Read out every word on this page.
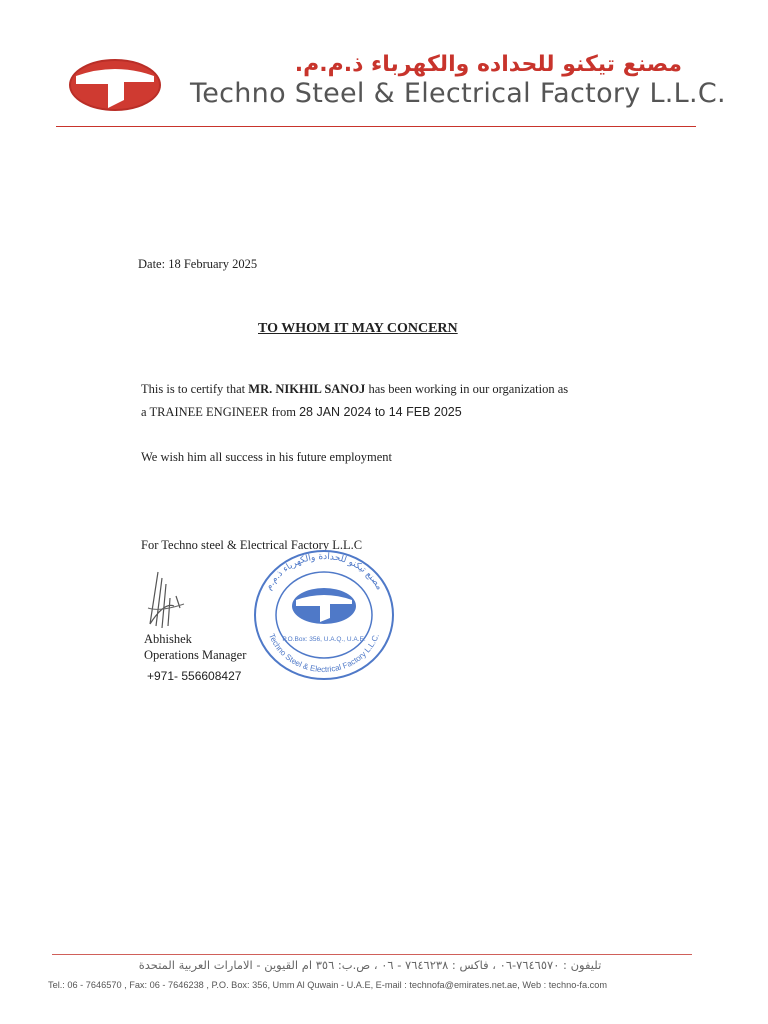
مصنع تيكنو للحداده والكهرباء ذ.م.م.
Techno Steel & Electrical Factory L.L.C.
Date: 18 February 2025
TO WHOM IT MAY CONCERN
This is to certify that MR. NIKHIL SANOJ has been working in our organization as
a TRAINEE ENGINEER from 28 JAN 2024 to 14 FEB 2025
We wish him all success in his future employment
For Techno steel & Electrical Factory L.L.C
Abhishek
Operations Manager
+971- 556608427
مصنع تيكنو للحدادة والكهرباء ذ.م.م
Techno Steel & Electrical Factory L.L.C.
P.O.Box: 356, U.A.Q., U.A.E.
تليفون : ٧٦٤٦٥٧٠-٠٦ ، فاكس : ٧٦٤٦٢٣٨ - ٠٦ ، ص.ب: ٣٥٦ ام القيوين - الامارات العربية المتحدة
Tel.: 06 - 7646570 , Fax: 06 - 7646238 , P.O. Box: 356, Umm Al Quwain - U.A.E, E-mail : technofa@emirates.net.ae, Web : techno-fa.com
